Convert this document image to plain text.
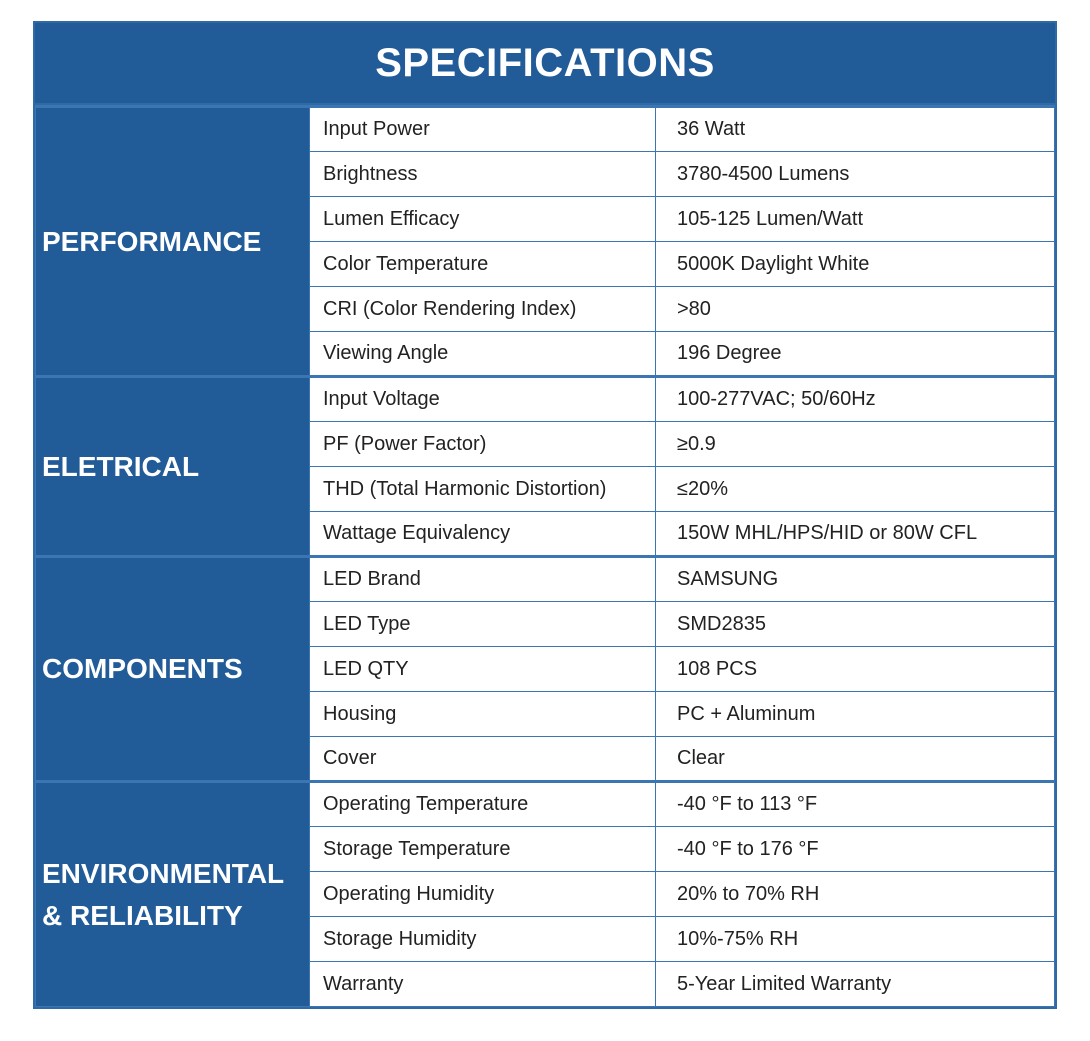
SPECIFICATIONS
PERFORMANCE	Input Power	36 Watt
	Brightness	3780-4500 Lumens
	Lumen Efficacy	105-125 Lumen/Watt
	Color Temperature	5000K Daylight White
	CRI (Color Rendering Index)	>80
	Viewing Angle	196 Degree
ELETRICAL	Input Voltage	100-277VAC; 50/60Hz
	PF (Power Factor)	≥0.9
	THD (Total Harmonic Distortion)	≤20%
	Wattage Equivalency	150W MHL/HPS/HID or 80W CFL
COMPONENTS	LED Brand	SAMSUNG
	LED Type	SMD2835
	LED QTY	108 PCS
	Housing	PC + Aluminum
	Cover	Clear
ENVIRONMENTAL & RELIABILITY	Operating Temperature	-40 °F to 113 °F
	Storage Temperature	-40 °F to 176 °F
	Operating Humidity	20% to 70% RH
	Storage Humidity	10%-75% RH
	Warranty	5-Year Limited Warranty
